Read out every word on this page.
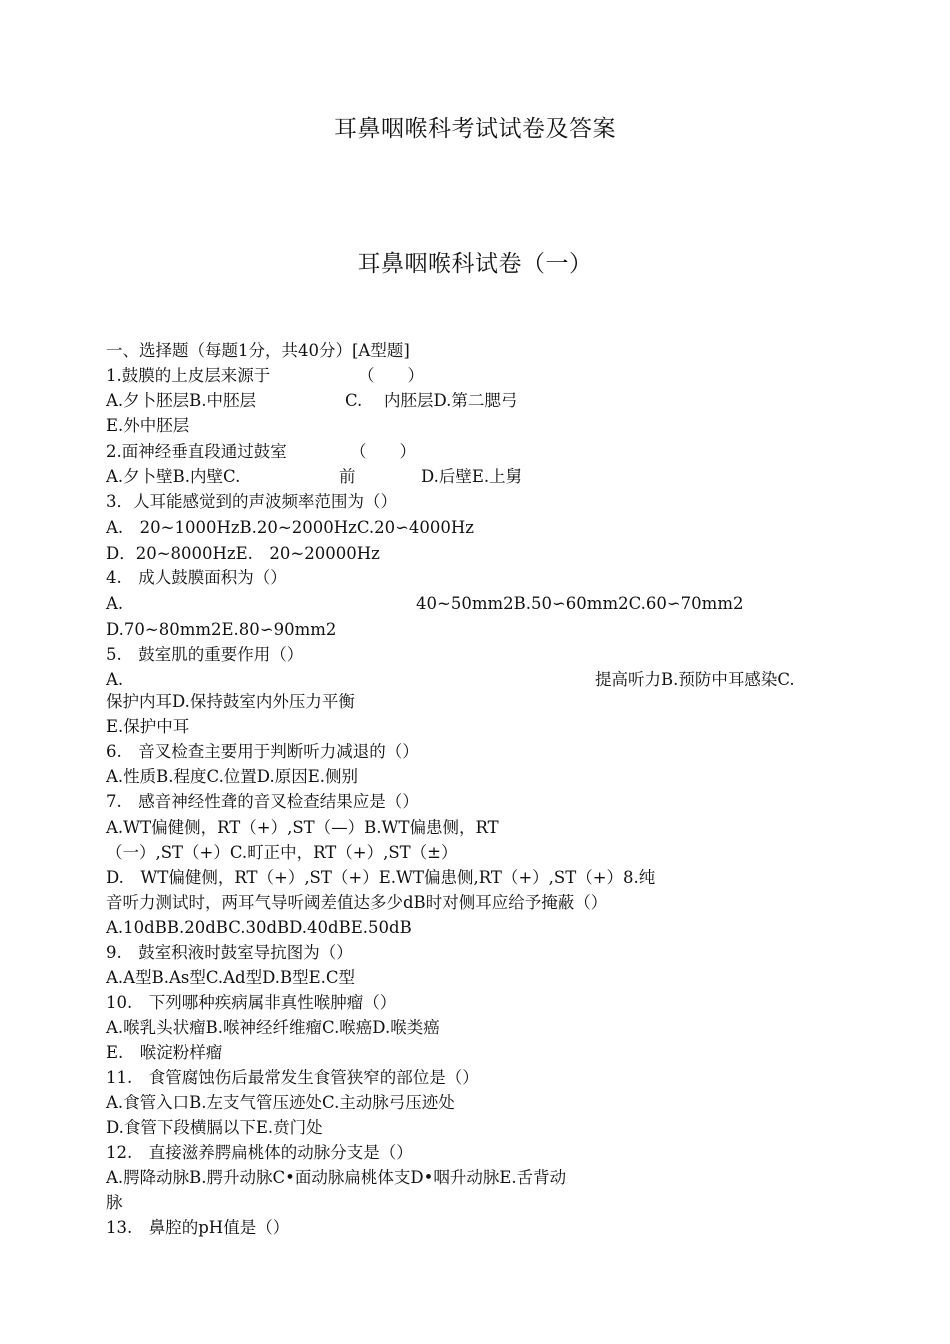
耳鼻咽喉科考试试卷及答案
耳鼻咽喉科试卷（一）
一、选择题（每题1分，共40分）[A型题]
1.鼓膜的上皮层来源于	（　　）
A.夕卜胚层B.中胚层	C. 内胚层D.第二腮弓
E.外中胚层
2.面神经垂直段通过鼓室	（　　）
A.夕卜壁B.内壁C.	前	D.后壁E.上舅
3．人耳能感觉到的声波频率范围为（）
A.　20~1000HzB.20~2000HzC.20∽4000Hz
D．20~8000HzE.　20~20000Hz
4.　成人鼓膜面积为（）
A.	40~50mm2B.50∽60mm2C.60∽70mm2
D.70~80mm2E.80∽90mm2
5.　鼓室肌的重要作用（）
A.	提高听力B.预防中耳感染C.
保护内耳D.保持鼓室内外压力平衡
E.保护中耳
6.　音叉检查主要用于判断听力减退的（）
A.性质B.程度C.位置D.原因E.侧别
7.　感音神经性聋的音叉检查结果应是（）
A.WT偏健侧，RT（+）,ST（—）B.WT偏患侧，RT
（一）,ST（+）C.町正中，RT（+）,ST（±）
D.　WT偏健侧，RT（+）,ST（+）E.WT偏患侧,RT（+）,ST（+）8.纯
音听力测试时，两耳气导听阈差值达多少dB时对侧耳应给予掩蔽（）
A.10dBB.20dBC.30dBD.40dBE.50dB
9.　鼓室积液时鼓室导抗图为（）
A.A型B.As型C.Ad型D.B型E.C型
10.　下列哪种疾病属非真性喉肿瘤（）
A.喉乳头状瘤B.喉神经纤维瘤C.喉癌D.喉类癌
E.　喉淀粉样瘤
11.　食管腐蚀伤后最常发生食管狭窄的部位是（）
A.食管入口B.左支气管压迹处C.主动脉弓压迹处
D.食管下段横膈以下E.贲门处
12.　直接滋养腭扁桃体的动脉分支是（）
A.腭降动脉B.腭升动脉C•面动脉扁桃体支D•咽升动脉E.舌背动
脉
13.　鼻腔的pH值是（）
